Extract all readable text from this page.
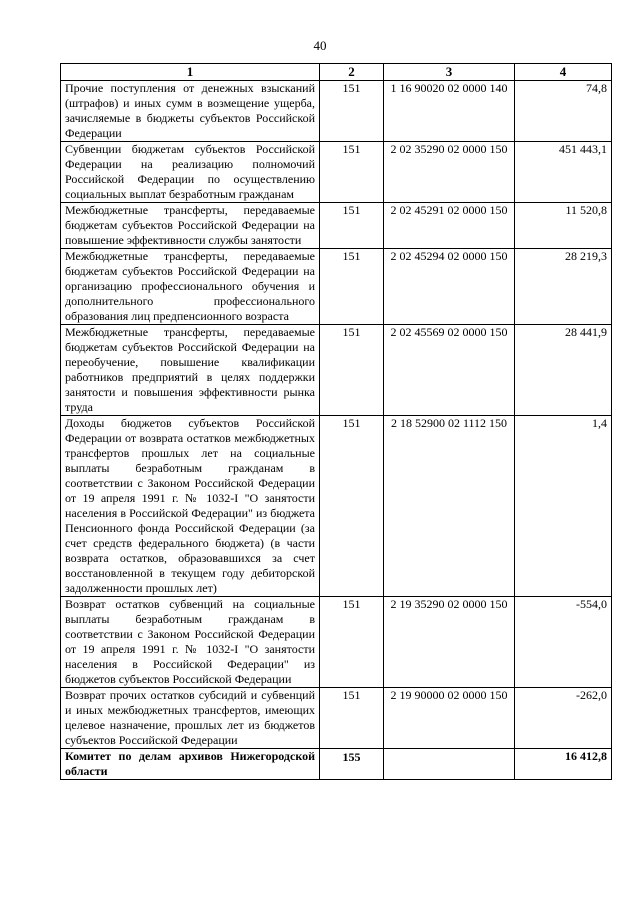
40
1	2	3	4
Прочие поступления от денежных взысканий (штрафов) и иных сумм в возмещение ущерба, зачисляемые в бюджеты субъектов Российской Федерации	151	1 16 90020 02 0000 140	74,8
Субвенции бюджетам субъектов Российской Федерации на реализацию полномочий Российской Федерации по осуществлению социальных выплат безработным гражданам	151	2 02 35290 02 0000 150	451 443,1
Межбюджетные трансферты, передаваемые бюджетам субъектов Российской Федерации на повышение эффективности службы занятости	151	2 02 45291 02 0000 150	11 520,8
Межбюджетные трансферты, передаваемые бюджетам субъектов Российской Федерации на организацию профессионального обучения и дополнительного профессионального образования лиц предпенсионного возраста	151	2 02 45294 02 0000 150	28 219,3
Межбюджетные трансферты, передаваемые бюджетам субъектов Российской Федерации на переобучение, повышение квалификации работников предприятий в целях поддержки занятости и повышения эффективности рынка труда	151	2 02 45569 02 0000 150	28 441,9
Доходы бюджетов субъектов Российской Федерации от возврата остатков межбюджетных трансфертов прошлых лет на социальные выплаты безработным гражданам в соответствии с Законом Российской Федерации от 19 апреля 1991 г. № 1032-I "О занятости населения в Российской Федерации" из бюджета Пенсионного фонда Российской Федерации (за счет средств федерального бюджета) (в части возврата остатков, образовавшихся за счет восстановленной в текущем году дебиторской задолженности прошлых лет)	151	2 18 52900 02 1112 150	1,4
Возврат остатков субвенций на социальные выплаты безработным гражданам в соответствии с Законом Российской Федерации от 19 апреля 1991 г. № 1032-I "О занятости населения в Российской Федерации" из бюджетов субъектов Российской Федерации	151	2 19 35290 02 0000 150	-554,0
Возврат прочих остатков субсидий и субвенций и иных межбюджетных трансфертов, имеющих целевое назначение, прошлых лет из бюджетов субъектов Российской Федерации	151	2 19 90000 02 0000 150	-262,0
Комитет по делам архивов Нижегородской области	155		16 412,8
